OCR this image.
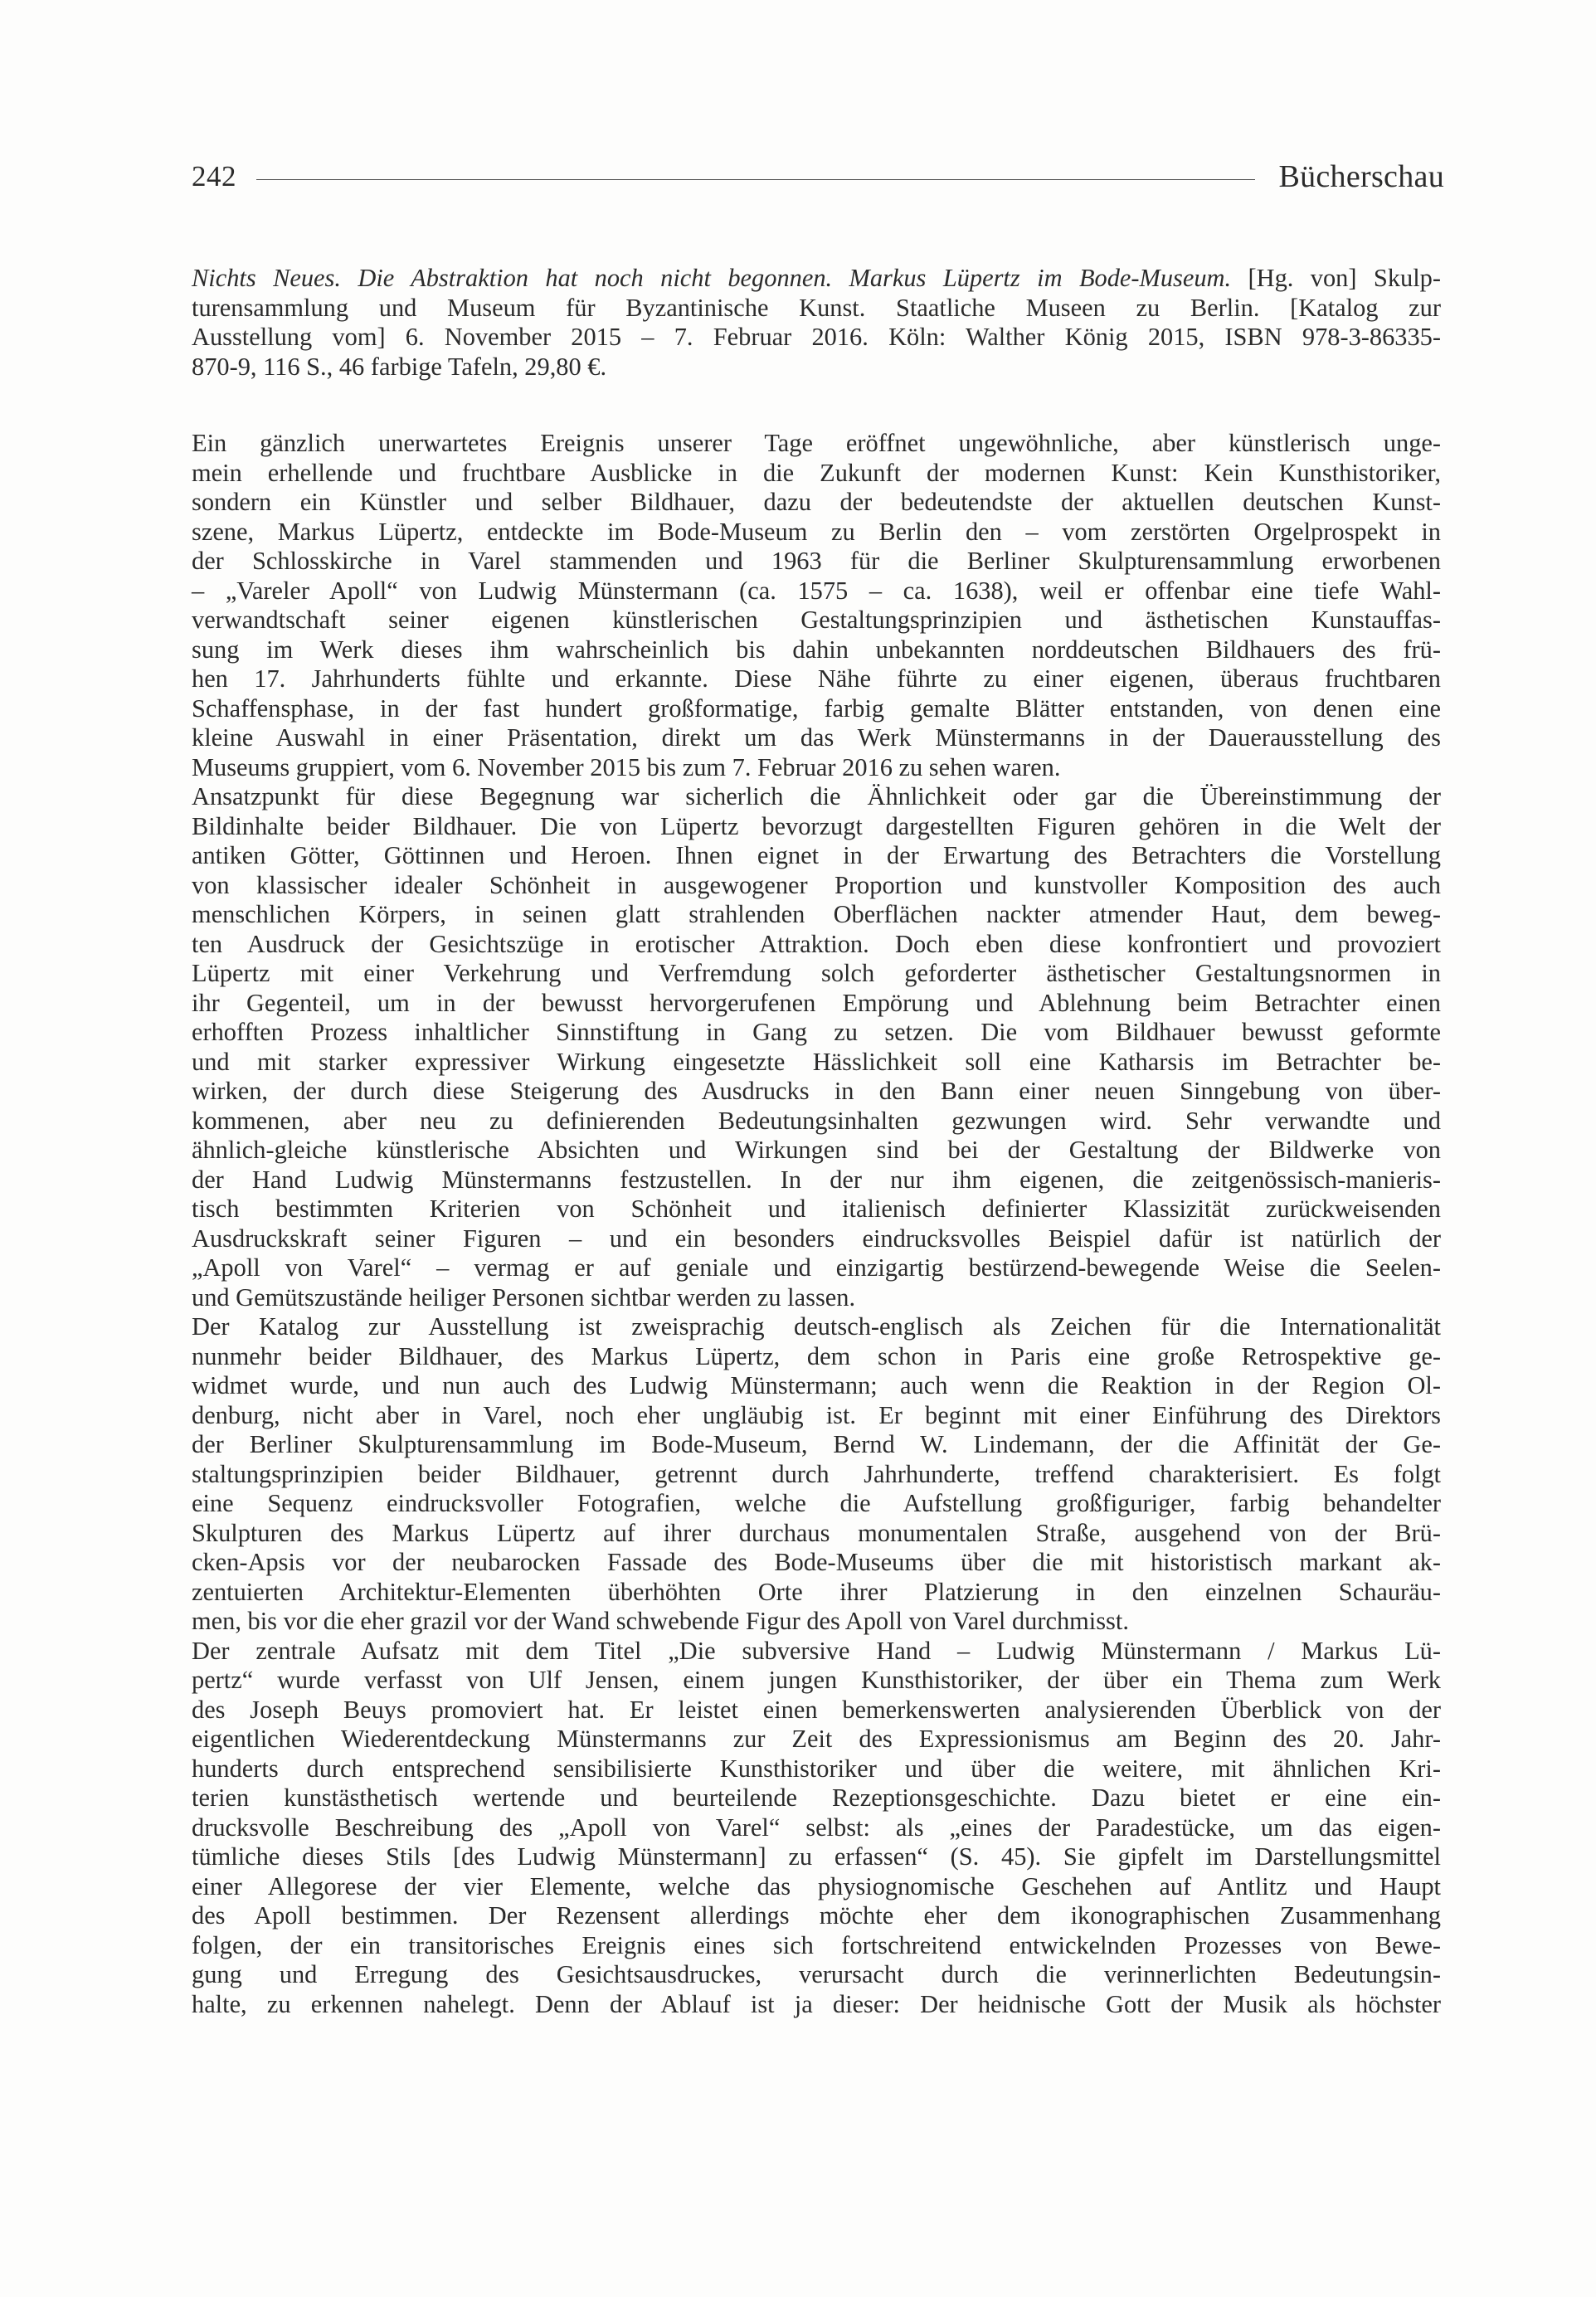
242	Bücherschau
Nichts Neues. Die Abstraktion hat noch nicht begonnen. Markus Lüpertz im Bode-Museum. [Hg. von] Skulp-
turensammlung und Museum für Byzantinische Kunst. Staatliche Museen zu Berlin. [Katalog zur
Ausstellung vom] 6. November 2015 – 7. Februar 2016. Köln: Walther König 2015, ISBN 978-3-86335-
870-9, 116 S., 46 farbige Tafeln, 29,80 €.
Ein gänzlich unerwartetes Ereignis unserer Tage eröffnet ungewöhnliche, aber künstlerisch unge-
mein erhellende und fruchtbare Ausblicke in die Zukunft der modernen Kunst: Kein Kunsthistoriker,
sondern ein Künstler und selber Bildhauer, dazu der bedeutendste der aktuellen deutschen Kunst-
szene, Markus Lüpertz, entdeckte im Bode-Museum zu Berlin den – vom zerstörten Orgelprospekt in
der Schlosskirche in Varel stammenden und 1963 für die Berliner Skulpturensammlung erworbenen
– „Vareler Apoll“ von Ludwig Münstermann (ca. 1575 – ca. 1638), weil er offenbar eine tiefe Wahl-
verwandtschaft seiner eigenen künstlerischen Gestaltungsprinzipien und ästhetischen Kunstauffas-
sung im Werk dieses ihm wahrscheinlich bis dahin unbekannten norddeutschen Bildhauers des frü-
hen 17. Jahrhunderts fühlte und erkannte. Diese Nähe führte zu einer eigenen, überaus fruchtbaren
Schaffensphase, in der fast hundert großformatige, farbig gemalte Blätter entstanden, von denen eine
kleine Auswahl in einer Präsentation, direkt um das Werk Münstermanns in der Dauerausstellung des
Museums gruppiert, vom 6. November 2015 bis zum 7. Februar 2016 zu sehen waren.
Ansatzpunkt für diese Begegnung war sicherlich die Ähnlichkeit oder gar die Übereinstimmung der
Bildinhalte beider Bildhauer. Die von Lüpertz bevorzugt dargestellten Figuren gehören in die Welt der
antiken Götter, Göttinnen und Heroen. Ihnen eignet in der Erwartung des Betrachters die Vorstellung
von klassischer idealer Schönheit in ausgewogener Proportion und kunstvoller Komposition des auch
menschlichen Körpers, in seinen glatt strahlenden Oberflächen nackter atmender Haut, dem beweg-
ten Ausdruck der Gesichtszüge in erotischer Attraktion. Doch eben diese konfrontiert und provoziert
Lüpertz mit einer Verkehrung und Verfremdung solch geforderter ästhetischer Gestaltungsnormen in
ihr Gegenteil, um in der bewusst hervorgerufenen Empörung und Ablehnung beim Betrachter einen
erhofften Prozess inhaltlicher Sinnstiftung in Gang zu setzen. Die vom Bildhauer bewusst geformte
und mit starker expressiver Wirkung eingesetzte Hässlichkeit soll eine Katharsis im Betrachter be-
wirken, der durch diese Steigerung des Ausdrucks in den Bann einer neuen Sinngebung von über-
kommenen, aber neu zu definierenden Bedeutungsinhalten gezwungen wird. Sehr verwandte und
ähnlich-gleiche künstlerische Absichten und Wirkungen sind bei der Gestaltung der Bildwerke von
der Hand Ludwig Münstermanns festzustellen. In der nur ihm eigenen, die zeitgenössisch-manieris-
tisch bestimmten Kriterien von Schönheit und italienisch definierter Klassizität zurückweisenden
Ausdruckskraft seiner Figuren – und ein besonders eindrucksvolles Beispiel dafür ist natürlich der
„Apoll von Varel“ – vermag er auf geniale und einzigartig bestürzend-bewegende Weise die Seelen-
und Gemütszustände heiliger Personen sichtbar werden zu lassen.
Der Katalog zur Ausstellung ist zweisprachig deutsch-englisch als Zeichen für die Internationalität
nunmehr beider Bildhauer, des Markus Lüpertz, dem schon in Paris eine große Retrospektive ge-
widmet wurde, und nun auch des Ludwig Münstermann; auch wenn die Reaktion in der Region Ol-
denburg, nicht aber in Varel, noch eher ungläubig ist. Er beginnt mit einer Einführung des Direktors
der Berliner Skulpturensammlung im Bode-Museum, Bernd W. Lindemann, der die Affinität der Ge-
staltungsprinzipien beider Bildhauer, getrennt durch Jahrhunderte, treffend charakterisiert. Es folgt
eine Sequenz eindrucksvoller Fotografien, welche die Aufstellung großfiguriger, farbig behandelter
Skulpturen des Markus Lüpertz auf ihrer durchaus monumentalen Straße, ausgehend von der Brü-
cken-Apsis vor der neubarocken Fassade des Bode-Museums über die mit historistisch markant ak-
zentuierten Architektur-Elementen überhöhten Orte ihrer Platzierung in den einzelnen Schauräu-
men, bis vor die eher grazil vor der Wand schwebende Figur des Apoll von Varel durchmisst.
Der zentrale Aufsatz mit dem Titel „Die subversive Hand – Ludwig Münstermann / Markus Lü-
pertz“ wurde verfasst von Ulf Jensen, einem jungen Kunsthistoriker, der über ein Thema zum Werk
des Joseph Beuys promoviert hat. Er leistet einen bemerkenswerten analysierenden Überblick von der
eigentlichen Wiederentdeckung Münstermanns zur Zeit des Expressionismus am Beginn des 20. Jahr-
hunderts durch entsprechend sensibilisierte Kunsthistoriker und über die weitere, mit ähnlichen Kri-
terien kunstästhetisch wertende und beurteilende Rezeptionsgeschichte. Dazu bietet er eine ein-
drucksvolle Beschreibung des „Apoll von Varel“ selbst: als „eines der Paradestücke, um das eigen-
tümliche dieses Stils [des Ludwig Münstermann] zu erfassen“ (S. 45). Sie gipfelt im Darstellungsmittel
einer Allegorese der vier Elemente, welche das physiognomische Geschehen auf Antlitz und Haupt
des Apoll bestimmen. Der Rezensent allerdings möchte eher dem ikonographischen Zusammenhang
folgen, der ein transitorisches Ereignis eines sich fortschreitend entwickelnden Prozesses von Bewe-
gung und Erregung des Gesichtsausdruckes, verursacht durch die verinnerlichten Bedeutungsin-
halte, zu erkennen nahelegt. Denn der Ablauf ist ja dieser: Der heidnische Gott der Musik als höchster
